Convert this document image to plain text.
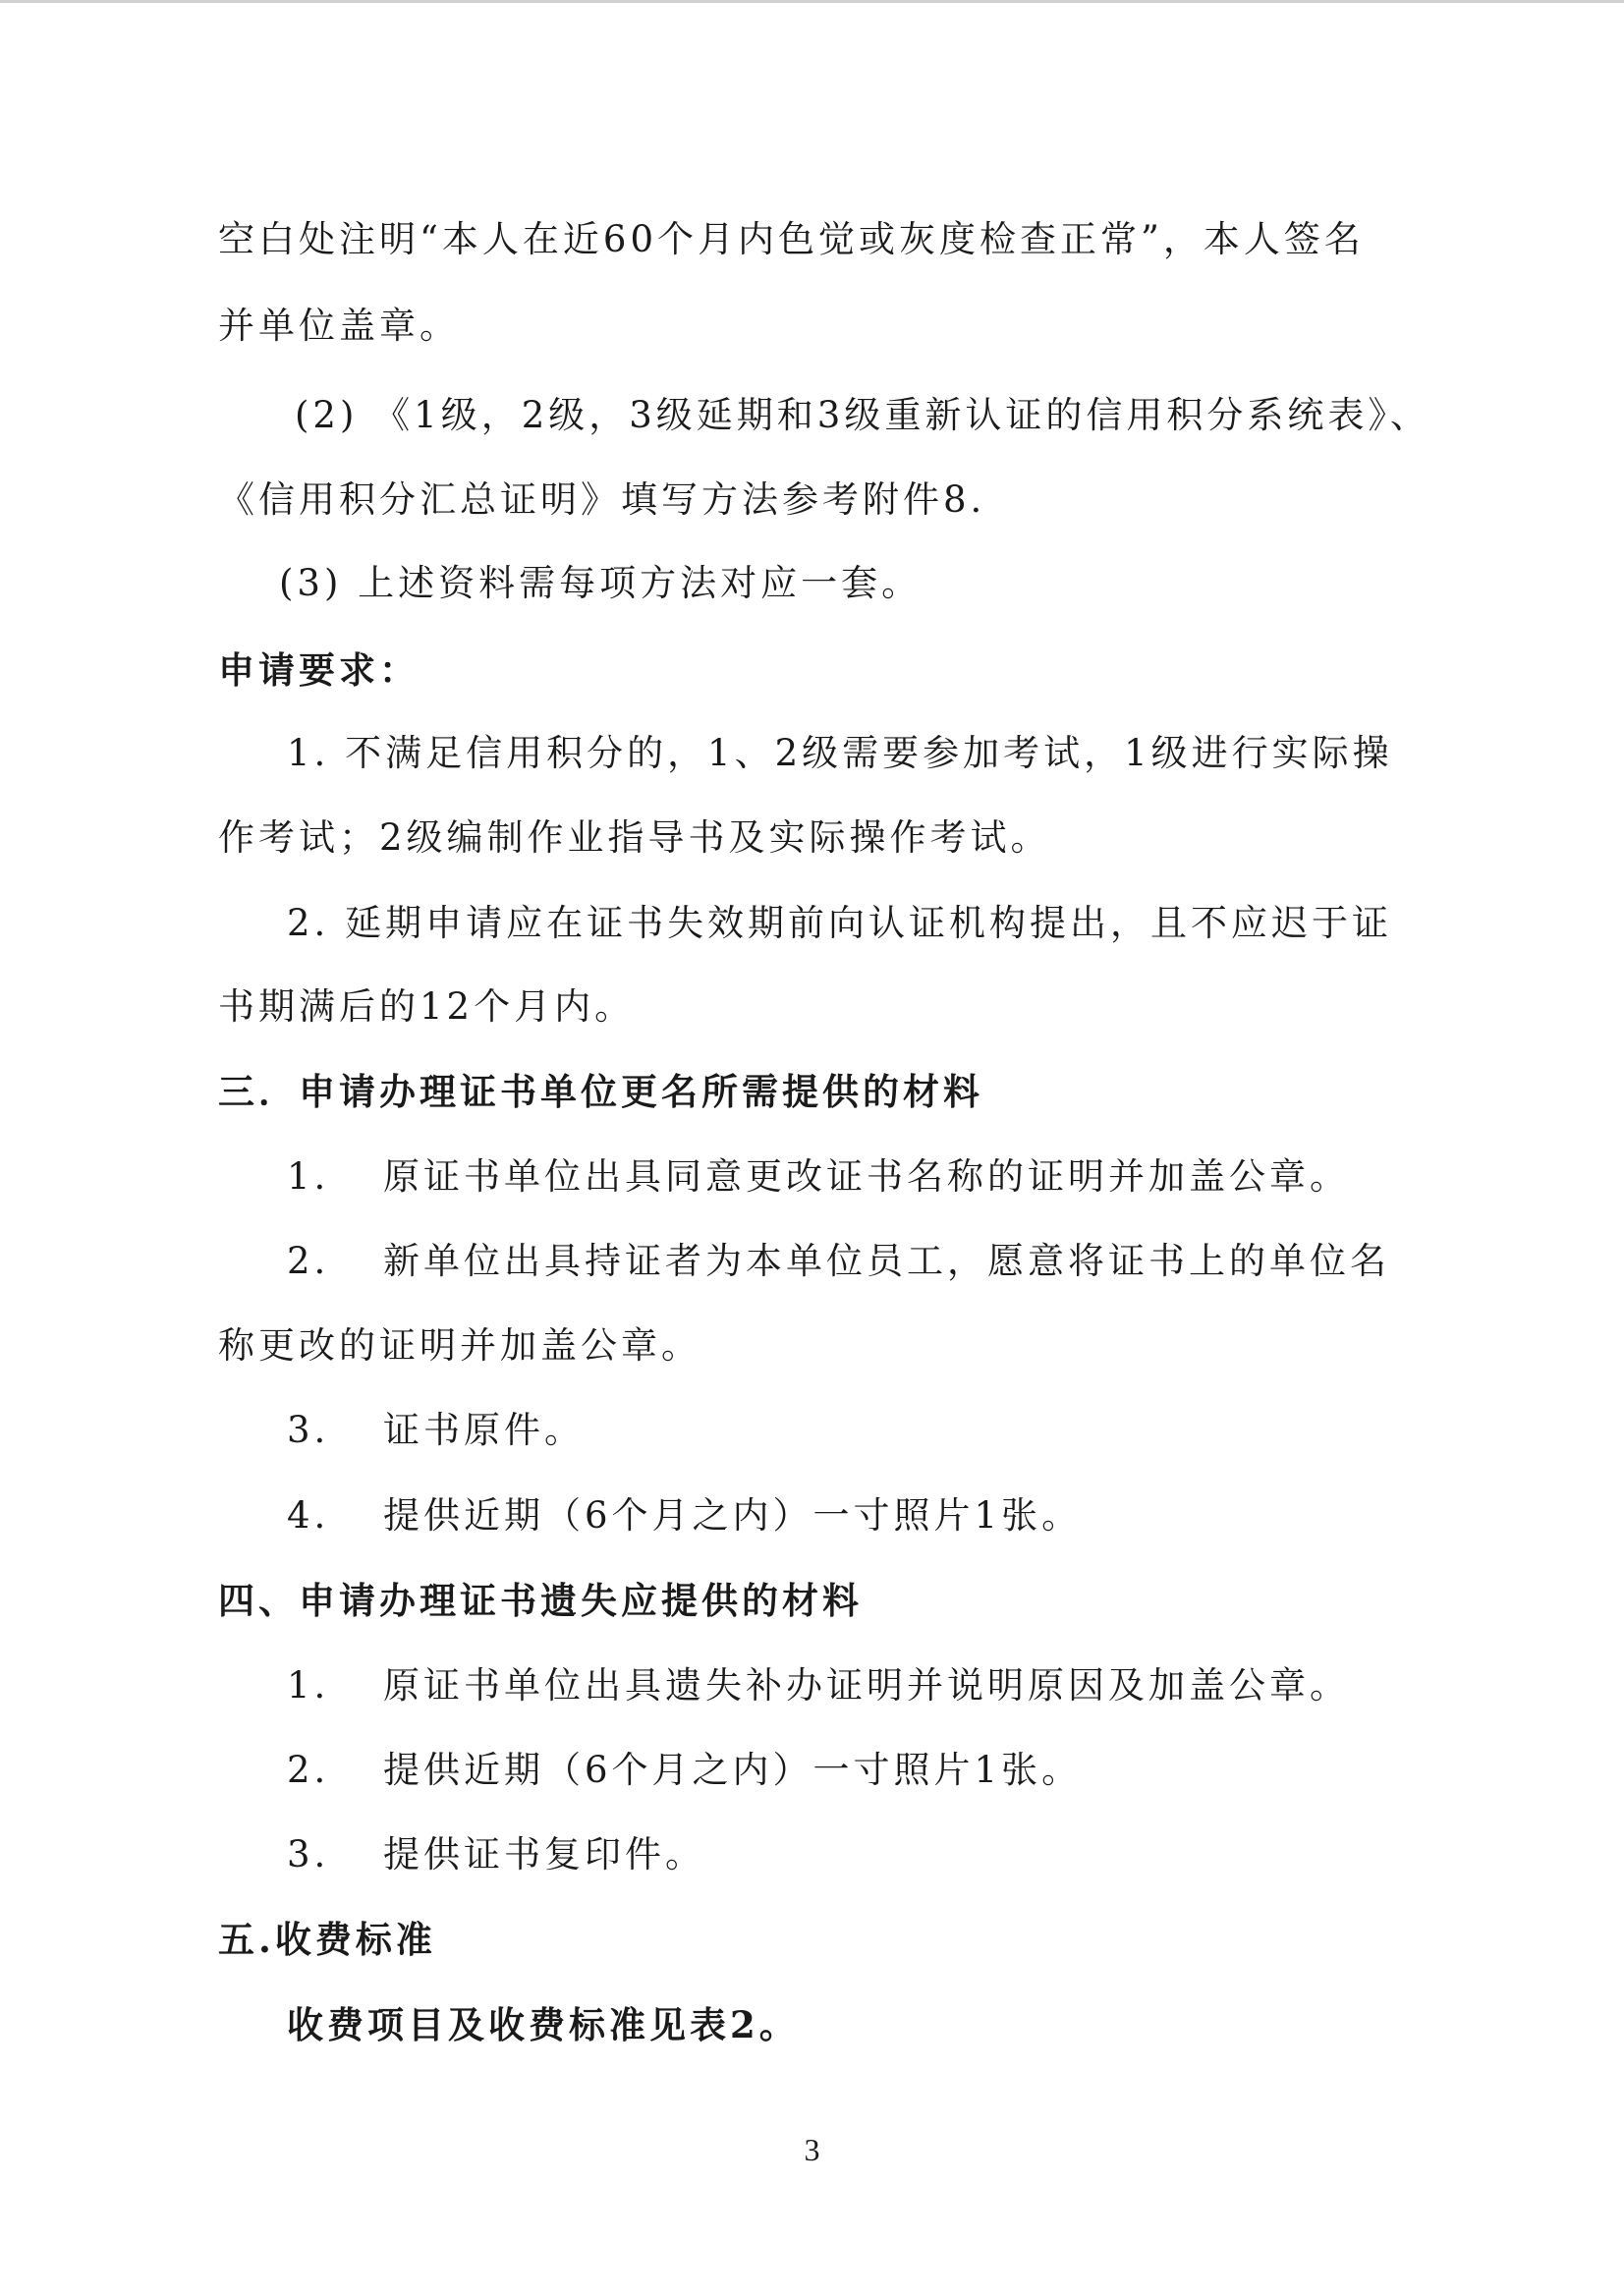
空白处注明“本人在近60个月内色觉或灰度检查正常”，本人签名
并单位盖章。
(2) 《1级，2级，3级延期和3级重新认证的信用积分系统表》、
《信用积分汇总证明》填写方法参考附件8.
(3) 上述资料需每项方法对应一套。
申请要求：
1. 不满足信用积分的，1、2级需要参加考试，1级进行实际操
作考试；2级编制作业指导书及实际操作考试。
2. 延期申请应在证书失效期前向认证机构提出，且不应迟于证
书期满后的12个月内。
三．申请办理证书单位更名所需提供的材料
1. 原证书单位出具同意更改证书名称的证明并加盖公章。
2. 新单位出具持证者为本单位员工，愿意将证书上的单位名
称更改的证明并加盖公章。
3. 证书原件。
4. 提供近期（6个月之内）一寸照片1张。
四、申请办理证书遗失应提供的材料
1. 原证书单位出具遗失补办证明并说明原因及加盖公章。
2. 提供近期（6个月之内）一寸照片1张。
3. 提供证书复印件。
五.收费标准
收费项目及收费标准见表2。
3
